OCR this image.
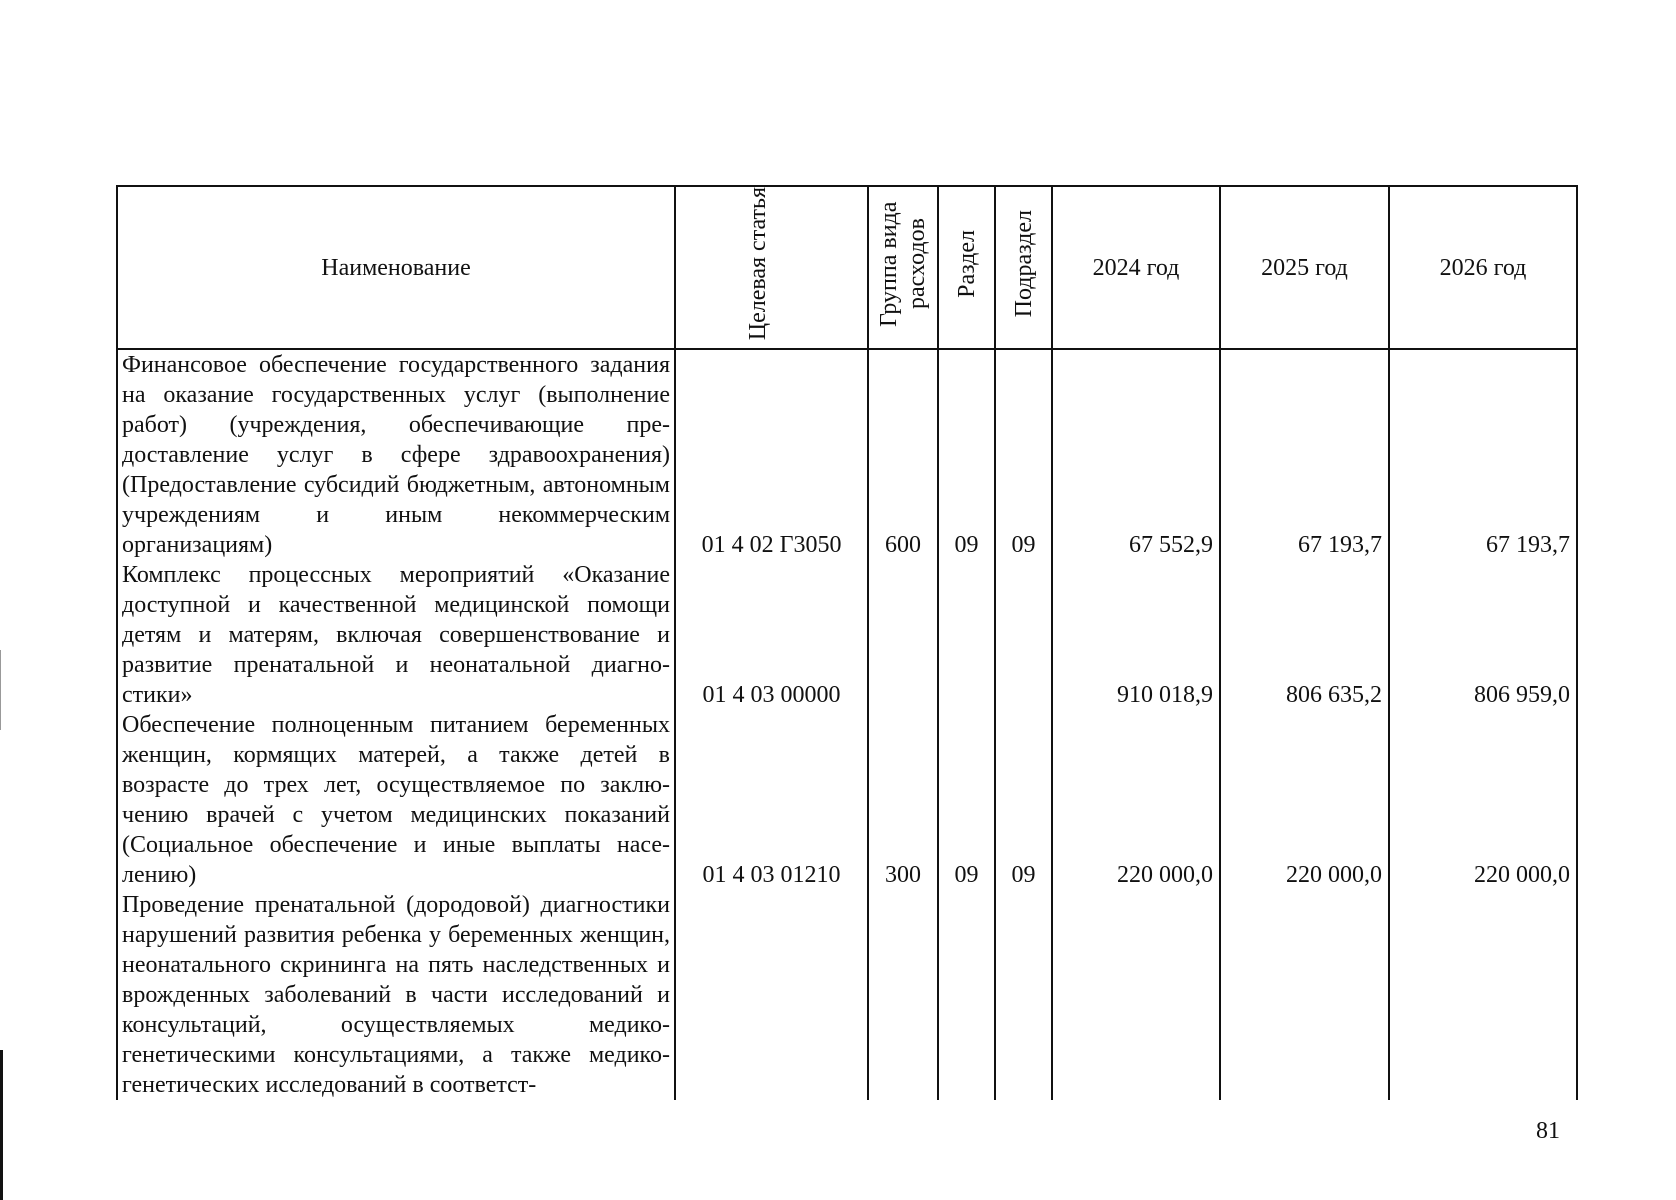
Наименование	Целевая статья	Группа вида расходов	Раздел	Подраздел	2024 год	2025 год	2026 год
Финансовое обеспечение государственного задания на оказание государственных услуг (выполнение работ) (учреждения, обеспечивающие предоставление услуг в сфере здравоохранения) (Предоставление субсидий бюджетным, автономным учреждениям и иным некоммерческим организациям)	01 4 02 Г3050	600	09	09	67 552,9	67 193,7	67 193,7
Комплекс процессных мероприятий «Оказание доступной и качественной медицинской помощи детям и матерям, включая совершенствование и развитие пренатальной и неонатальной диагностики»	01 4 03 00000				910 018,9	806 635,2	806 959,0
Обеспечение полноценным питанием беременных женщин, кормящих матерей, а также детей в возрасте до трех лет, осуществляемое по заключению врачей с учетом медицинских показаний (Социальное обеспечение и иные выплаты населению)	01 4 03 01210	300	09	09	220 000,0	220 000,0	220 000,0
Проведение пренатальной (дородовой) диагностики нарушений развития ребенка у беременных женщин, неонатального скрининга на пять наследственных и врожденных заболеваний в части исследований и консультаций, осуществляемых медико-генетическими консультациями, а также медико-генетических исследований в соответст-							
81
